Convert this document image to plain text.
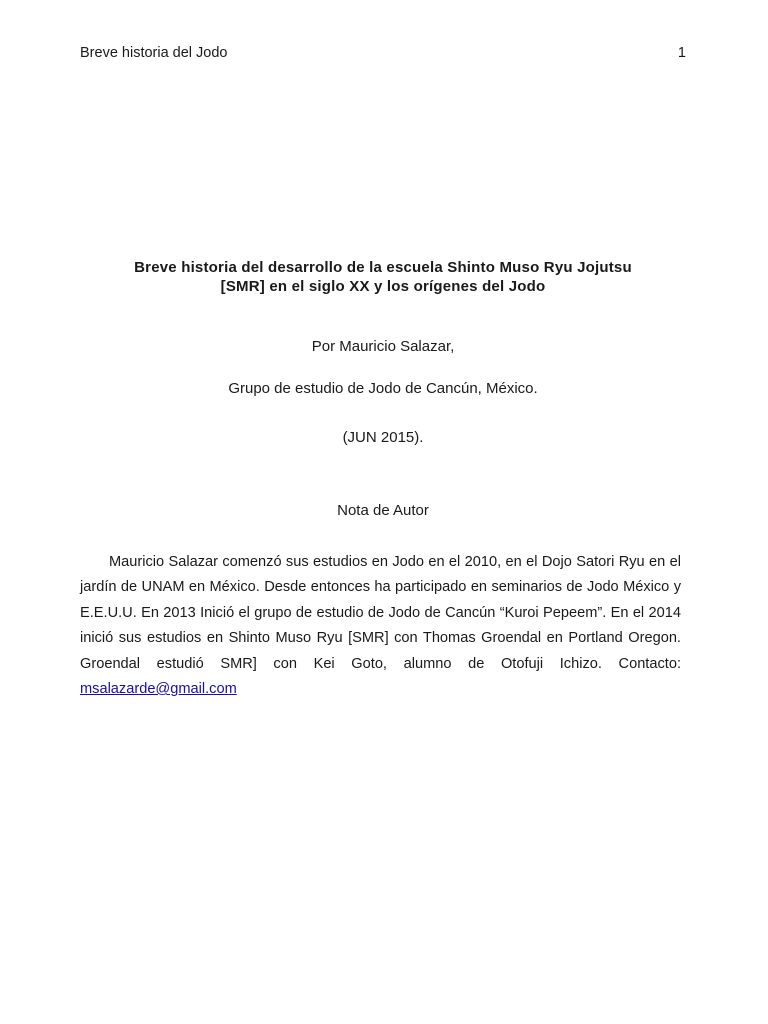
Breve historia del Jodo	1
Breve historia del desarrollo de la escuela Shinto Muso Ryu Jojutsu
[SMR] en el siglo XX y los orígenes del Jodo
Por Mauricio Salazar,
Grupo de estudio de Jodo de Cancún, México.
(JUN 2015).
Nota de Autor

Mauricio Salazar comenzó sus estudios en Jodo en el 2010, en el Dojo Satori Ryu en el jardín de UNAM en México. Desde entonces ha participado en seminarios de Jodo México y E.E.U.U. En 2013 Inició el grupo de estudio de Jodo de Cancún “Kuroi Pepeem”. En el 2014 inició sus estudios en Shinto Muso Ryu [SMR] con Thomas Groendal en Portland Oregon. Groendal estudió SMR] con Kei Goto, alumno de Otofuji Ichizo. Contacto: msalazarde@gmail.com
